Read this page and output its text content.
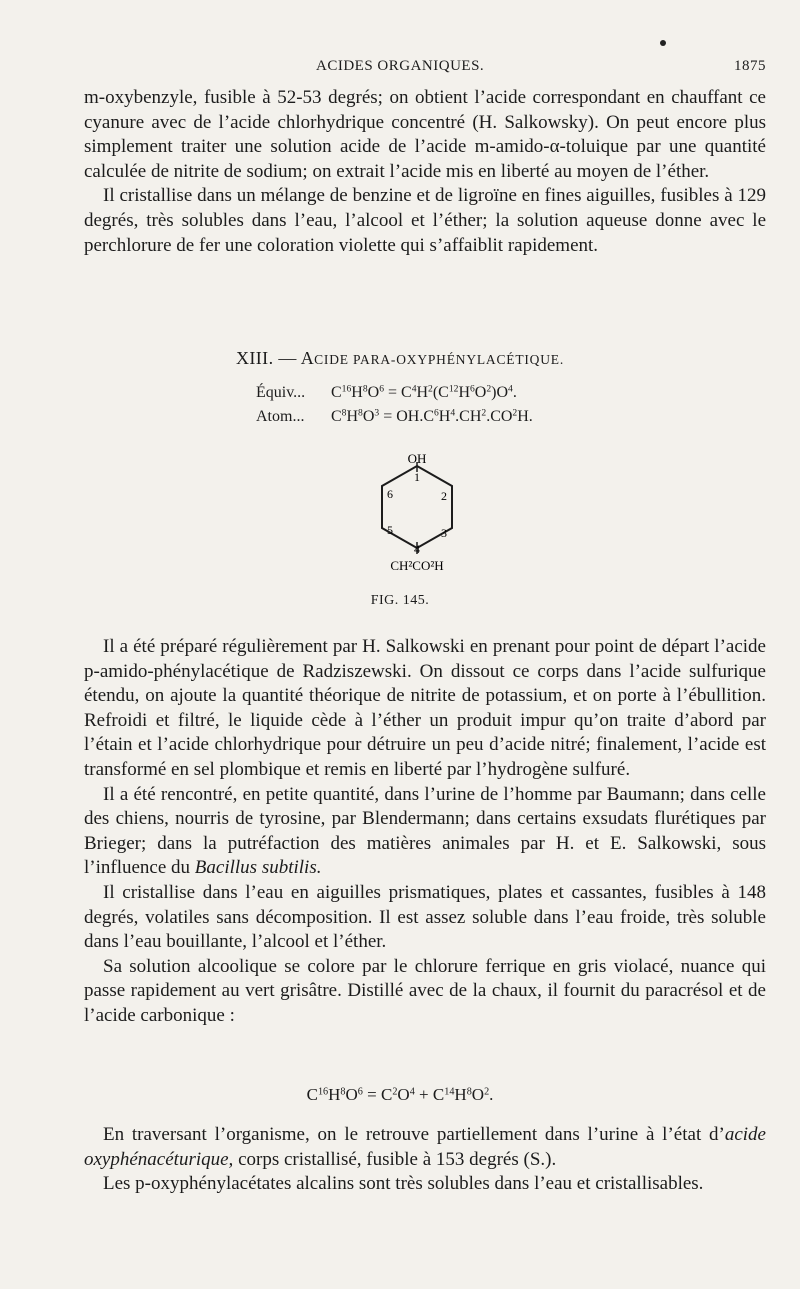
ACIDES ORGANIQUES.	1875

m-oxybenzyle, fusible à 52-53 degrés; on obtient l’acide correspondant en chauffant ce cyanure avec de l’acide chlorhydrique concentré (H. Salkowsky). On peut encore plus simplement traiter une solution acide de l’acide m-amido-α-toluique par une quantité calculée de nitrite de sodium; on extrait l’acide mis en liberté au moyen de l’éther.

Il cristallise dans un mélange de benzine et de ligroïne en fines aiguilles, fusibles à 129 degrés, très solubles dans l’eau, l’alcool et l’éther; la solution aqueuse donne avec le perchlorure de fer une coloration violette qui s’affaiblit rapidement.

XIII. — ACIDE PARA-OXYPHÉNYLACÉTIQUE.
Équiv... $C^{16}H^8O^6 = C^4H^2(C^{12}H^6O^2)O^4$.
Atom... $C^8H^8O^3 = OH.C^6H^4.CH^2.CO^2H$.
OH
1
2
3
4
5
6
CH²CO²H
FIG. 145.

Il a été préparé régulièrement par H. Salkowski en prenant pour point de départ l’acide p-amido-phénylacétique de Radziszewski. On dissout ce corps dans l’acide sulfurique étendu, on ajoute la quantité théorique de nitrite de potassium, et on porte à l’ébullition. Refroidi et filtré, le liquide cède à l’éther un produit impur qu’on traite d’abord par l’étain et l’acide chlorhydrique pour détruire un peu d’acide nitré; finalement, l’acide est transformé en sel plombique et remis en liberté par l’hydrogène sulfuré.

Il a été rencontré, en petite quantité, dans l’urine de l’homme par Baumann; dans celle des chiens, nourris de tyrosine, par Blendermann; dans certains exsudats flurétiques par Brieger; dans la putréfaction des matières animales par H. et E. Salkowski, sous l’influence du Bacillus subtilis.

Il cristallise dans l’eau en aiguilles prismatiques, plates et cassantes, fusibles à 148 degrés, volatiles sans décomposition. Il est assez soluble dans l’eau froide, très soluble dans l’eau bouillante, l’alcool et l’éther.

Sa solution alcoolique se colore par le chlorure ferrique en gris violacé, nuance qui passe rapidement au vert grisâtre. Distillé avec de la chaux, il fournit du paracrésol et de l’acide carbonique :

$C^{16}H^8O^6 = C^2O^4 + C^{14}H^8O^2$.

En traversant l’organisme, on le retrouve partiellement dans l’urine à l’état d’acide oxyphénacéturique, corps cristallisé, fusible à 153 degrés (S.).

Les p-oxyphénylacétates alcalins sont très solubles dans l’eau et cristallisables.
